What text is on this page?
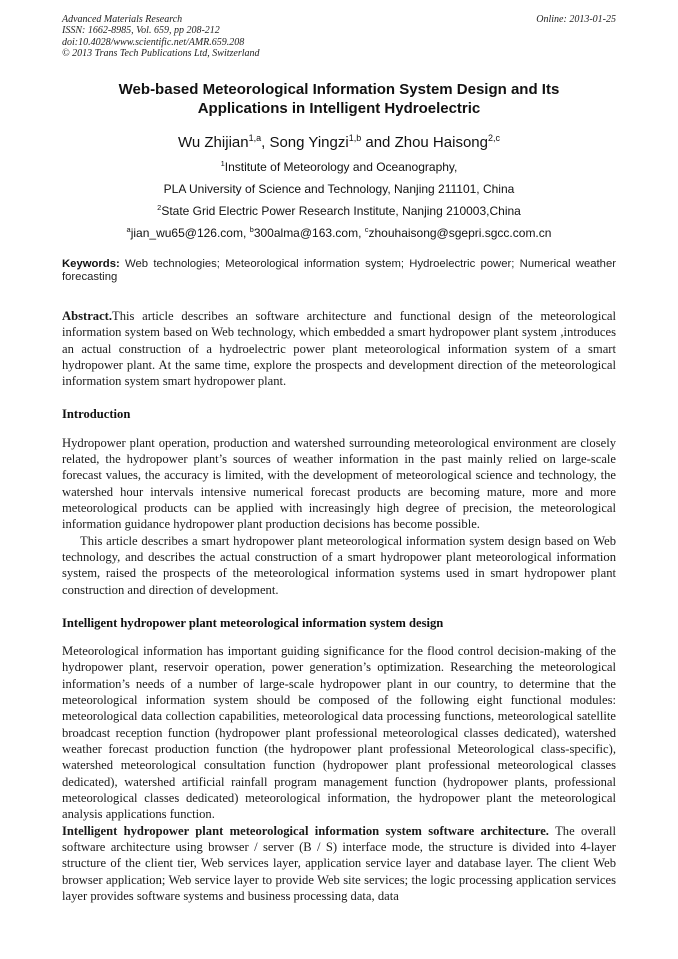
Advanced Materials Research
ISSN: 1662-8985, Vol. 659, pp 208-212
doi:10.4028/www.scientific.net/AMR.659.208
© 2013 Trans Tech Publications Ltd, Switzerland
Online: 2013-01-25
Web-based Meteorological Information System Design and Its
Applications in Intelligent Hydroelectric
Wu Zhijian$^{1,a}$, Song Yingzi$^{1,b}$ and Zhou Haisong$^{2,c}$
$^1$Institute of Meteorology and Oceanography,
PLA University of Science and Technology, Nanjing 211101, China
$^2$State Grid Electric Power Research Institute, Nanjing 210003,China
$^a$jian_wu65@126.com, $^b$300alma@163.com, $^c$zhouhaisong@sgepri.sgcc.com.cn
Keywords: Web technologies; Meteorological information system; Hydroelectric power; Numerical weather forecasting

Abstract.This article describes an software architecture and functional design of the meteorological information system based on Web technology, which embedded a smart hydropower plant system ,introduces an actual construction of a hydroelectric power plant meteorological information system of a smart hydropower plant. At the same time, explore the prospects and development direction of the meteorological information system smart hydropower plant.

Introduction

Hydropower plant operation, production and watershed surrounding meteorological environment are closely related, the hydropower plant’s sources of weather information in the past mainly relied on large-scale forecast values, the accuracy is limited, with the development of meteorological science and technology, the watershed hour intervals intensive numerical forecast products are becoming mature, more and more meteorological products can be applied with increasingly high degree of precision, the meteorological information guidance hydropower plant production decisions has become possible.

This article describes a smart hydropower plant meteorological information system design based on Web technology, and describes the actual construction of a smart hydropower plant meteorological information system, raised the prospects of the meteorological information systems used in smart hydropower plant construction and direction of development.

Intelligent hydropower plant meteorological information system design

Meteorological information has important guiding significance for the flood control decision-making of the hydropower plant, reservoir operation, power generation’s optimization. Researching the meteorological information’s needs of a number of large-scale hydropower plant in our country, to determine that the meteorological information system should be composed of the following eight functional modules: meteorological data collection capabilities, meteorological data processing functions, meteorological satellite broadcast reception function (hydropower plant professional meteorological classes dedicated), watershed weather forecast production function (the hydropower plant professional Meteorological class-specific), watershed meteorological consultation function (hydropower plant professional meteorological classes dedicated), watershed artificial rainfall program management function (hydropower plants, professional meteorological classes dedicated) meteorological information, the hydropower plant the meteorological analysis applications function.

Intelligent hydropower plant meteorological information system software architecture. The overall software architecture using browser / server (B / S) interface mode, the structure is divided into 4-layer structure of the client tier, Web services layer, application service layer and database layer. The client Web browser application; Web service layer to provide Web site services; the logic processing application services layer provides software systems and business processing data, data
